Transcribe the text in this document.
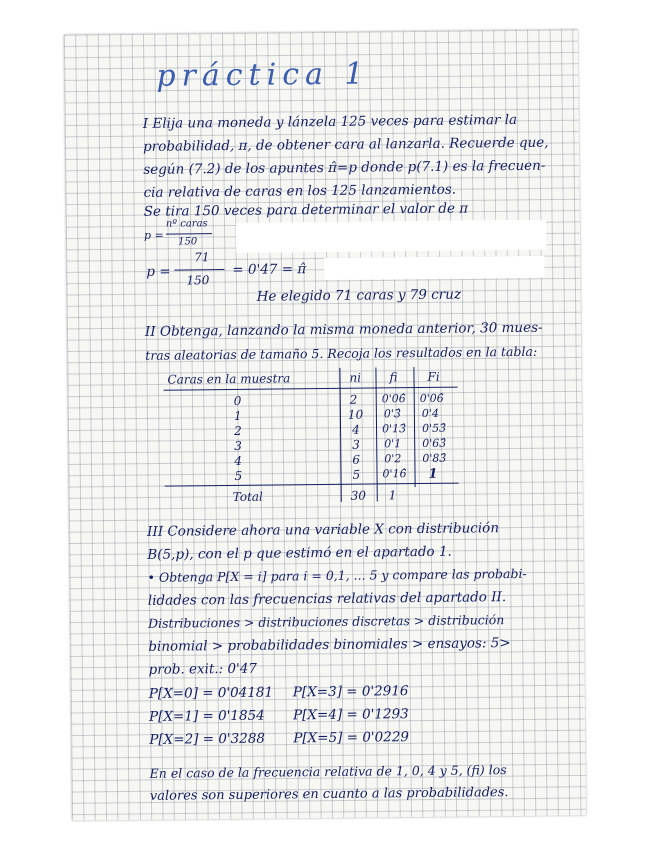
práctica 1
I Elija una moneda y lánzela 125 veces para estimar la
probabilidad, π, de obtener cara al lanzarla. Recuerde que,
según (7.2) de los apuntes π̂=p donde p(7.1) es la frecuen-
cia relativa de caras en los 125 lanzamientos.
Se tira 150 veces para determinar el valor de π
p =
nº caras
150
p =
71
150
= 0'47 = π̂
He elegido 71 caras y 79 cruz
II Obtenga, lanzando la misma moneda anterior, 30 mues-
tras aleatorias de tamaño 5. Recoja los resultados en la tabla:
Caras en la muestra	ni fi Fi
0	2 0'06̂ 0'06̂
1	10 0'3̂ 0'4
2	4 0'13̂ 0'53̂
3	3 0'1 0'63̂
4	6 0'2 0'83̂
5	5 0'16̂ 1
Total	30 1
III Considere ahora una variable X con distribución
B(5,p), con el p que estimó en el apartado 1.
• Obtenga P[X = i] para i = 0,1, ... 5 y compare las probabi-
lidades con las frecuencias relativas del apartado II.
Distribuciones > distribuciones discretas > distribución
binomial > probabilidades binomiales > ensayos: 5>
prob. exit.: 0'47
P[X=0] = 0'04181
P[X=1] = 0'1854
P[X=2] = 0'3288
P[X=3] = 0'2916
P[X=4] = 0'1293
P[X=5] = 0'0229
En el caso de la frecuencia relativa de 1, 0, 4 y 5, (fi) los
valores son superiores en cuanto a las probabilidades.
